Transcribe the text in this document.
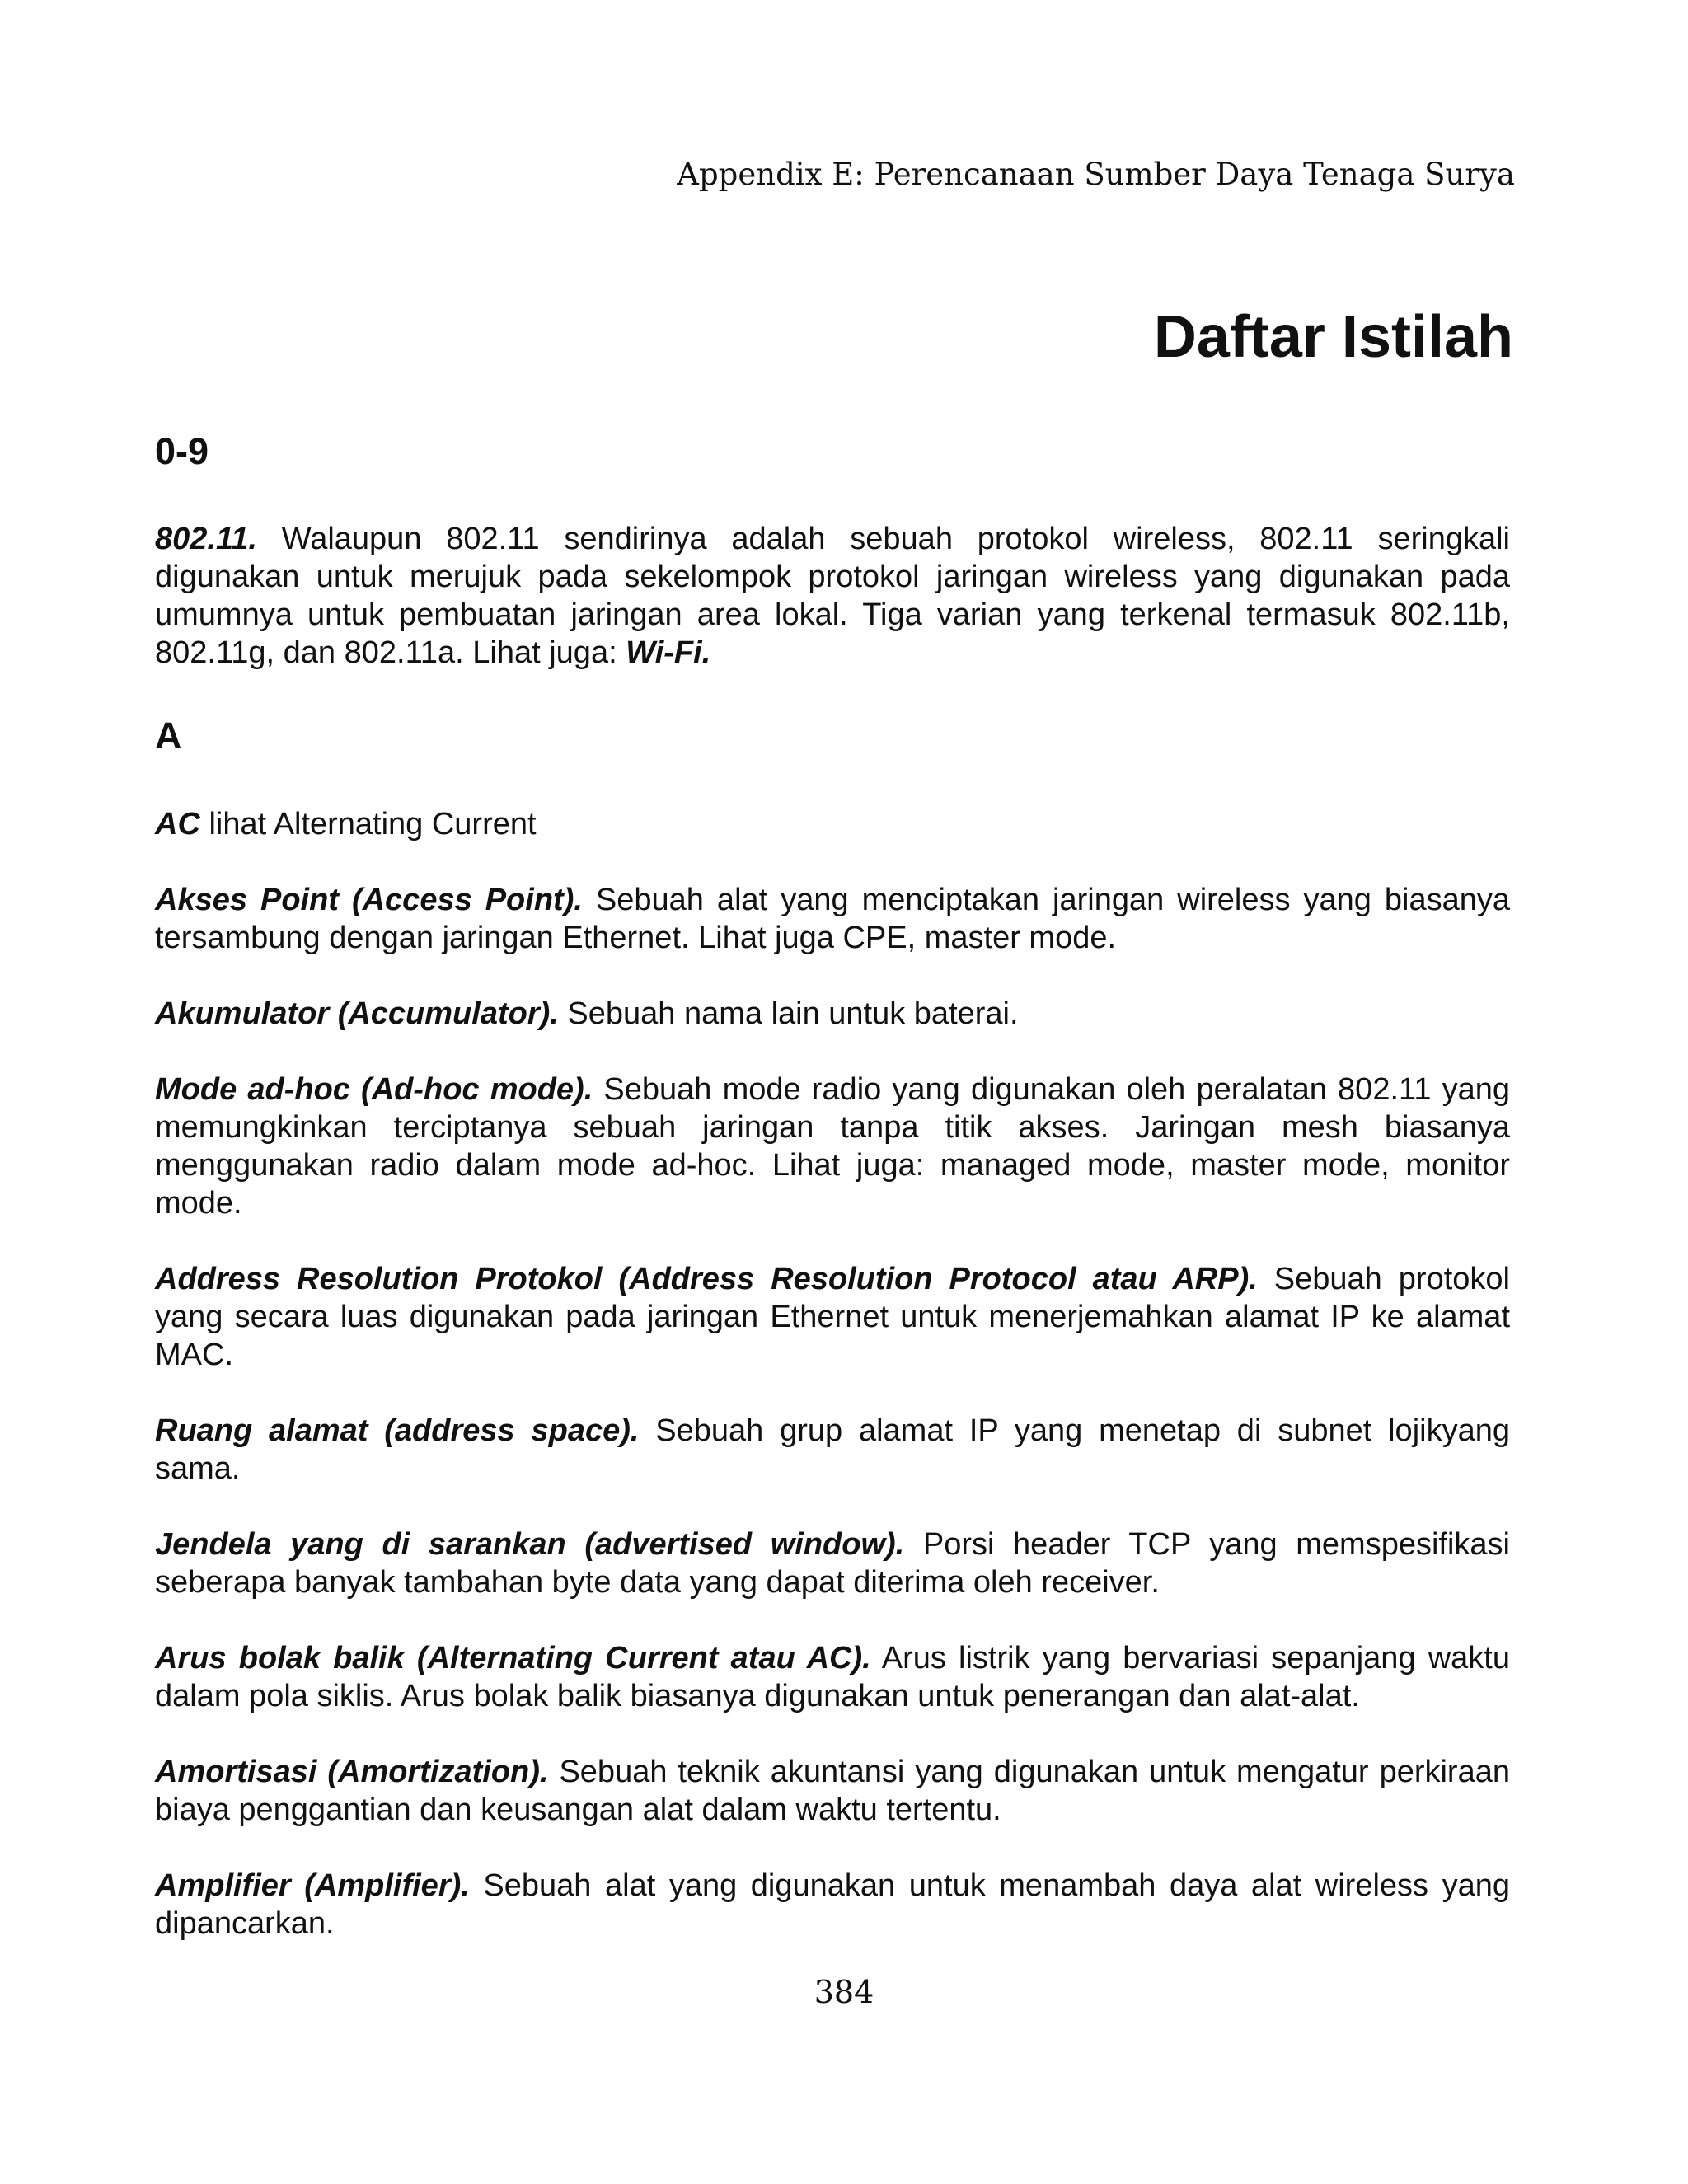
Appendix E: Perencanaan Sumber Daya Tenaga Surya
Daftar Istilah
0-9

802.11. Walaupun 802.11 sendirinya adalah sebuah protokol wireless, 802.11 seringkali digunakan untuk merujuk pada sekelompok protokol jaringan wireless yang digunakan pada umumnya untuk pembuatan jaringan area lokal. Tiga varian yang terkenal termasuk 802.11b, 802.11g, dan 802.11a. Lihat juga: Wi-Fi.

A

AC lihat Alternating Current

Akses Point (Access Point). Sebuah alat yang menciptakan jaringan wireless yang biasanya tersambung dengan jaringan Ethernet. Lihat juga CPE, master mode.

Akumulator (Accumulator). Sebuah nama lain untuk baterai.

Mode ad-hoc (Ad-hoc mode). Sebuah mode radio yang digunakan oleh peralatan 802.11 yang memungkinkan terciptanya sebuah jaringan tanpa titik akses. Jaringan mesh biasanya menggunakan radio dalam mode ad-hoc. Lihat juga: managed mode, master mode, monitor mode.

Address Resolution Protokol (Address Resolution Protocol atau ARP). Sebuah protokol yang secara luas digunakan pada jaringan Ethernet untuk menerjemahkan alamat IP ke alamat MAC.

Ruang alamat (address space). Sebuah grup alamat IP yang menetap di subnet lojikyang sama.

Jendela yang di sarankan (advertised window). Porsi header TCP yang memspesifikasi seberapa banyak tambahan byte data yang dapat diterima oleh receiver.

Arus bolak balik (Alternating Current atau AC). Arus listrik yang bervariasi sepanjang waktu dalam pola siklis. Arus bolak balik biasanya digunakan untuk penerangan dan alat-alat.

Amortisasi (Amortization). Sebuah teknik akuntansi yang digunakan untuk mengatur perkiraan biaya penggantian dan keusangan alat dalam waktu tertentu.

Amplifier (Amplifier). Sebuah alat yang digunakan untuk menambah daya alat wireless yang dipancarkan.

384
